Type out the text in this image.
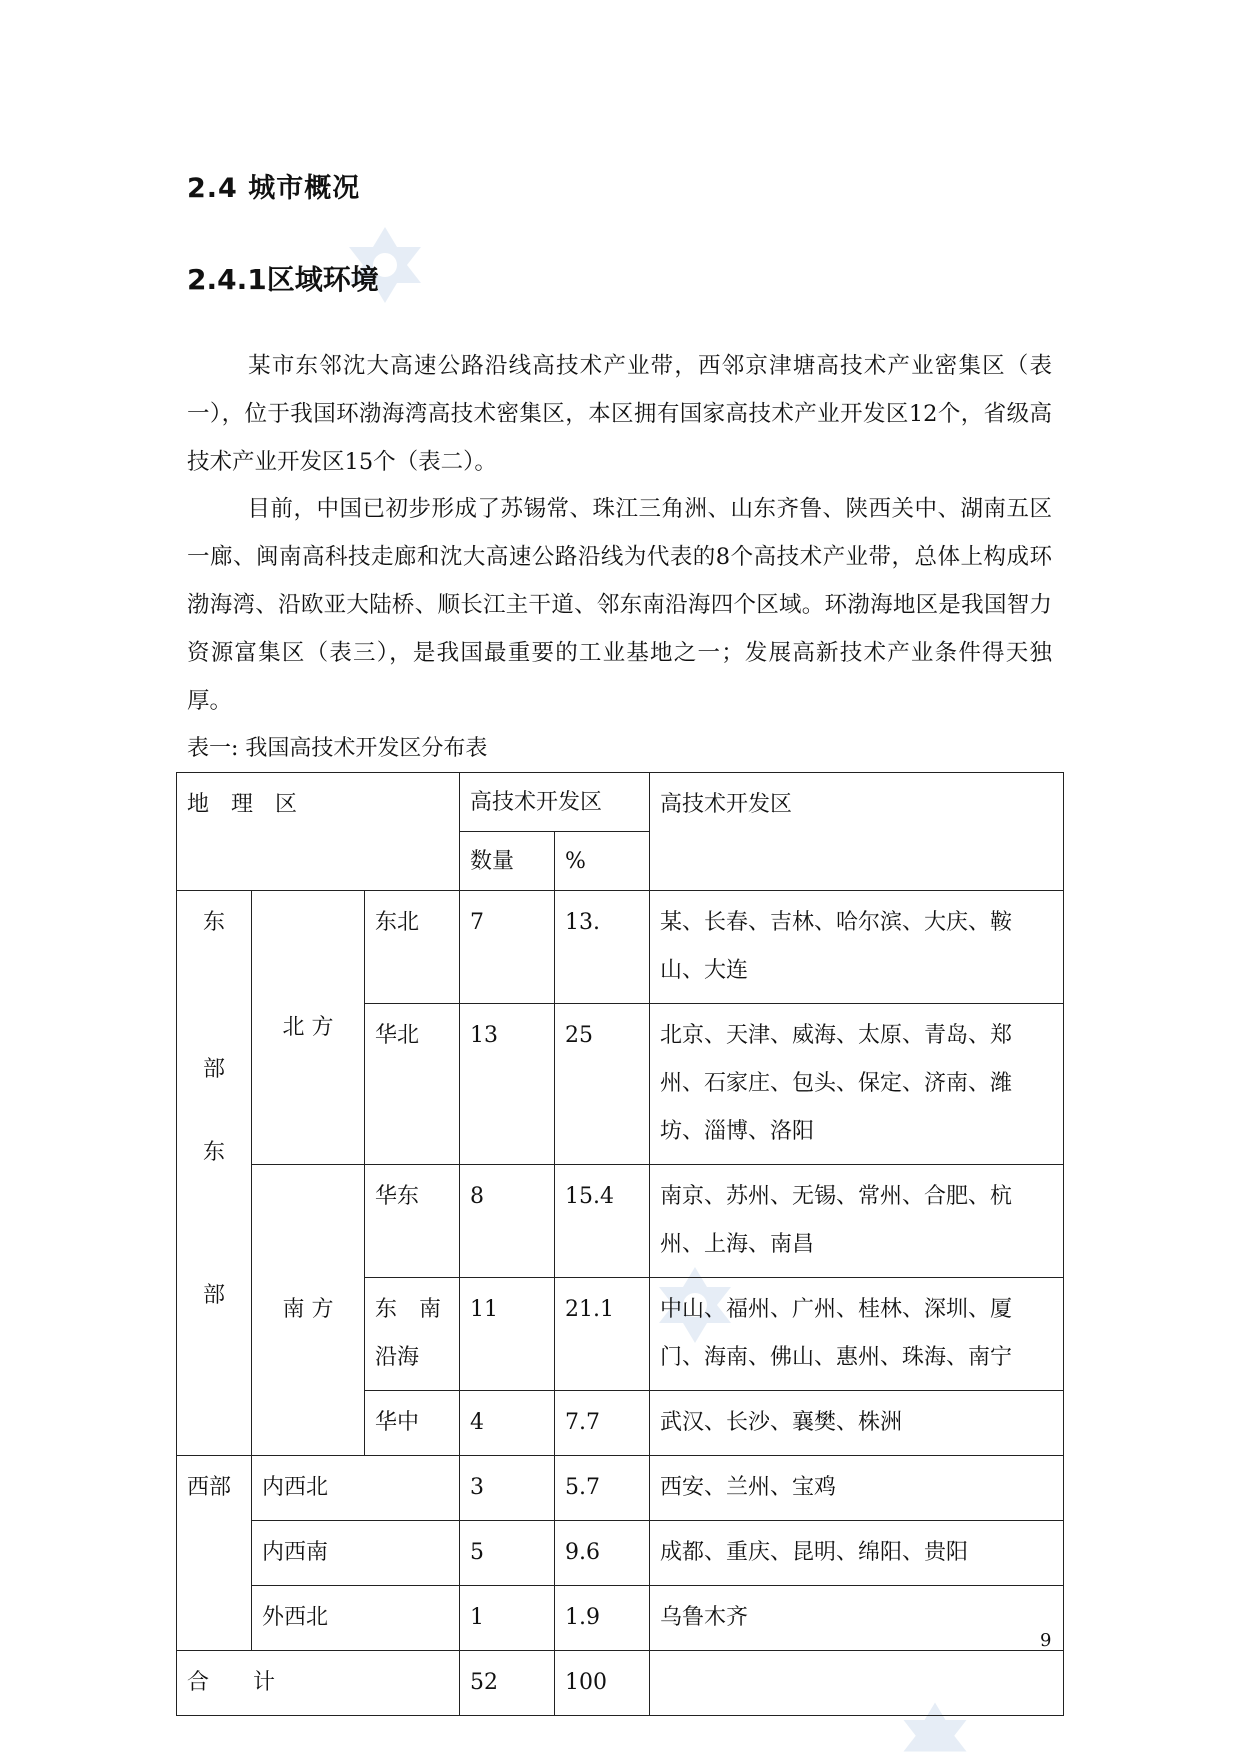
2.4 城市概况
2.4.1区域环境

某市东邻沈大高速公路沿线高技术产业带，西邻京津塘高技术产业密集区（表一），位于我国环渤海湾高技术密集区，本区拥有国家高技术产业开发区12个，省级高技术产业开发区15个（表二）。

目前，中国已初步形成了苏锡常、珠江三角洲、山东齐鲁、陕西关中、湖南五区一廊、闽南高科技走廊和沈大高速公路沿线为代表的8个高技术产业带，总体上构成环渤海湾、沿欧亚大陆桥、顺长江主干道、邻东南沿海四个区域。环渤海地区是我国智力资源富集区（表三），是我国最重要的工业基地之一；发展高新技术产业条件得天独厚。

表一: 我国高技术开发区分布表
地　理　区			高技术开发区		高技术开发区
			数量	%	

东
部
东
部	北 方	东北	7	13.	某、长春、吉林、哈尔滨、大庆、鞍山、大连
		华北	13	25	北京、天津、威海、太原、青岛、郑州、石家庄、包头、保定、济南、潍坊、淄博、洛阳
	南 方	华东	8	15.4	南京、苏州、无锡、常州、合肥、杭州、上海、南昌
		东　南沿海	11	21.1	中山、福州、广州、桂林、深圳、厦门、海南、佛山、惠州、珠海、南宁
		华中	4	7.7	武汉、长沙、襄樊、株洲
西部	内西北		3	5.7	西安、兰州、宝鸡
	内西南		5	9.6	成都、重庆、昆明、绵阳、贵阳
	外西北		1	1.9	乌鲁木齐
合　　计			52	100	
9
